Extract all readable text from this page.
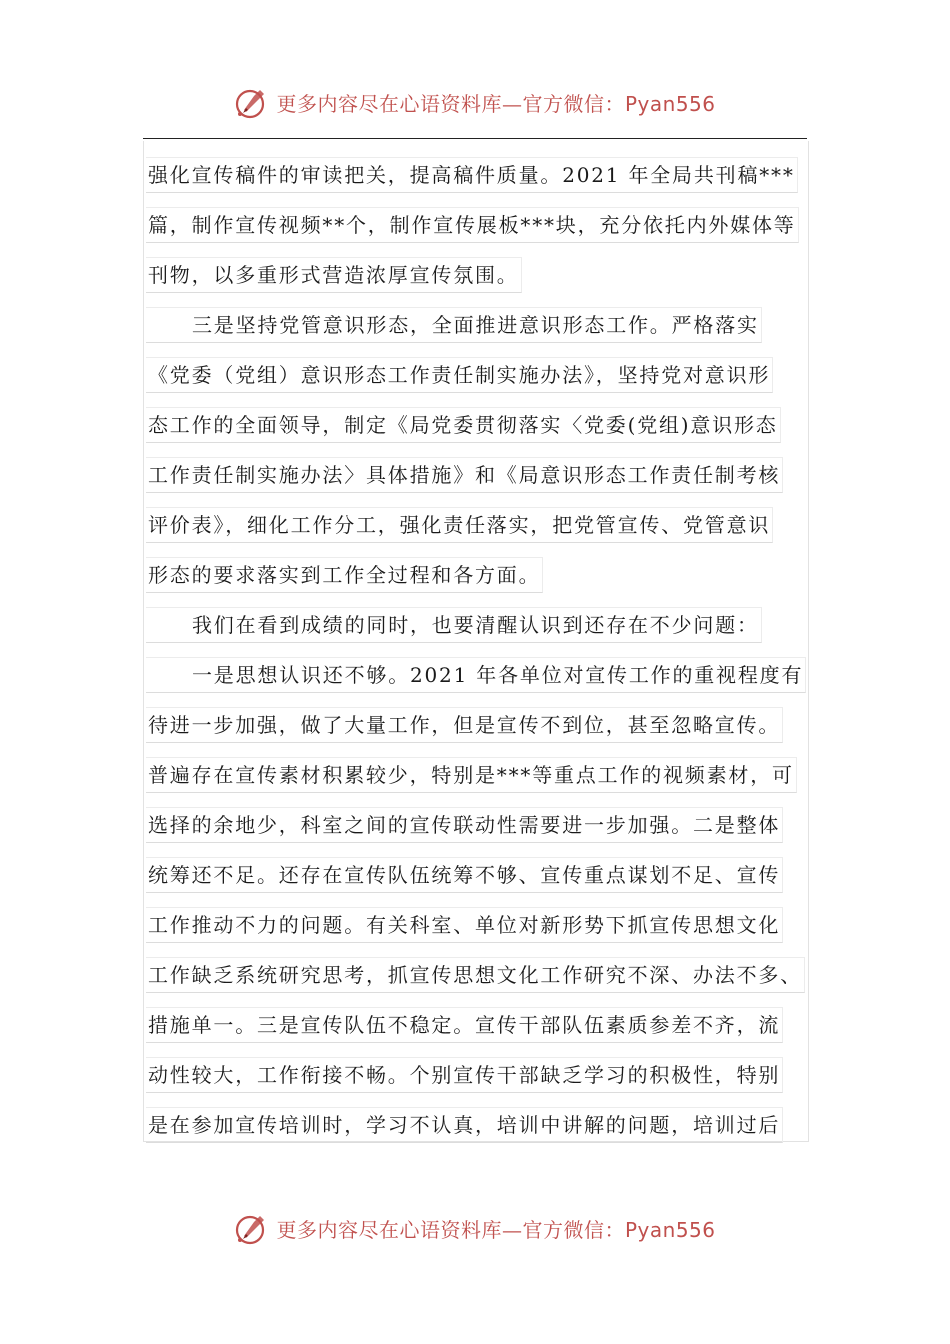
更多内容尽在心语资料库—官方微信：Pyan556
强化宣传稿件的审读把关，提高稿件质量。2021 年全局共刊稿***
篇，制作宣传视频**个，制作宣传展板***块，充分依托内外媒体等
刊物，以多重形式营造浓厚宣传氛围。
三是坚持党管意识形态，全面推进意识形态工作。严格落实
《党委（党组）意识形态工作责任制实施办法》，坚持党对意识形
态工作的全面领导，制定《局党委贯彻落实〈党委(党组)意识形态
工作责任制实施办法〉具体措施》和《局意识形态工作责任制考核
评价表》，细化工作分工，强化责任落实，把党管宣传、党管意识
形态的要求落实到工作全过程和各方面。
我们在看到成绩的同时，也要清醒认识到还存在不少问题：
一是思想认识还不够。2021 年各单位对宣传工作的重视程度有
待进一步加强，做了大量工作，但是宣传不到位，甚至忽略宣传。
普遍存在宣传素材积累较少，特别是***等重点工作的视频素材，可
选择的余地少，科室之间的宣传联动性需要进一步加强。二是整体
统筹还不足。还存在宣传队伍统筹不够、宣传重点谋划不足、宣传
工作推动不力的问题。有关科室、单位对新形势下抓宣传思想文化
工作缺乏系统研究思考，抓宣传思想文化工作研究不深、办法不多、
措施单一。三是宣传队伍不稳定。宣传干部队伍素质参差不齐，流
动性较大，工作衔接不畅。个别宣传干部缺乏学习的积极性，特别
是在参加宣传培训时，学习不认真，培训中讲解的问题，培训过后
更多内容尽在心语资料库—官方微信：Pyan556
